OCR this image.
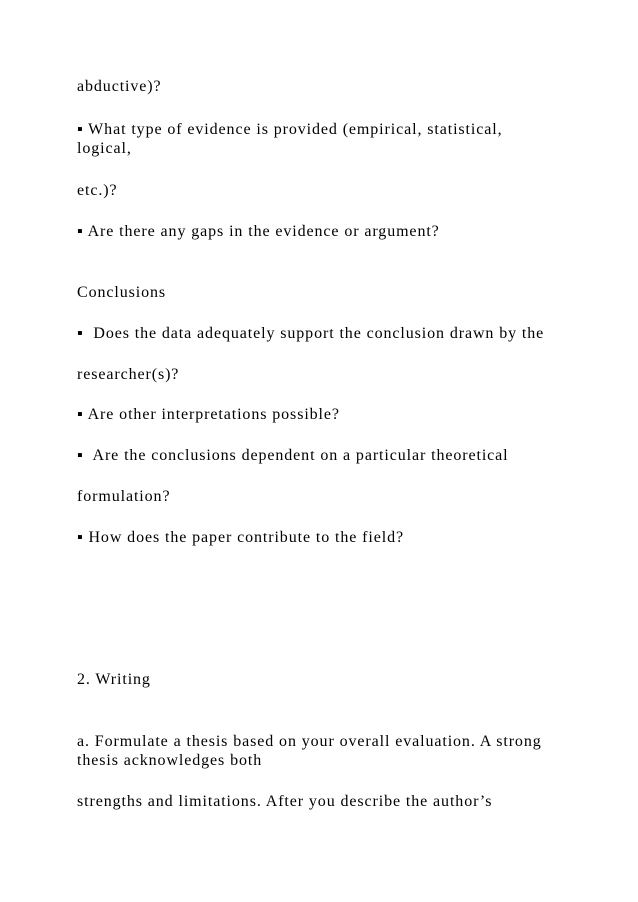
abductive)?

▪ What type of evidence is provided (empirical, statistical,

logical,

etc.)?

▪ Are there any gaps in the evidence or argument?

Conclusions

▪  Does the data adequately support the conclusion drawn by the

researcher(s)?

▪ Are other interpretations possible?

▪  Are the conclusions dependent on a particular theoretical

formulation?

▪ How does the paper contribute to the field?

2. Writing

a. Formulate a thesis based on your overall evaluation. A strong

thesis acknowledges both

strengths and limitations. After you describe the author’s
